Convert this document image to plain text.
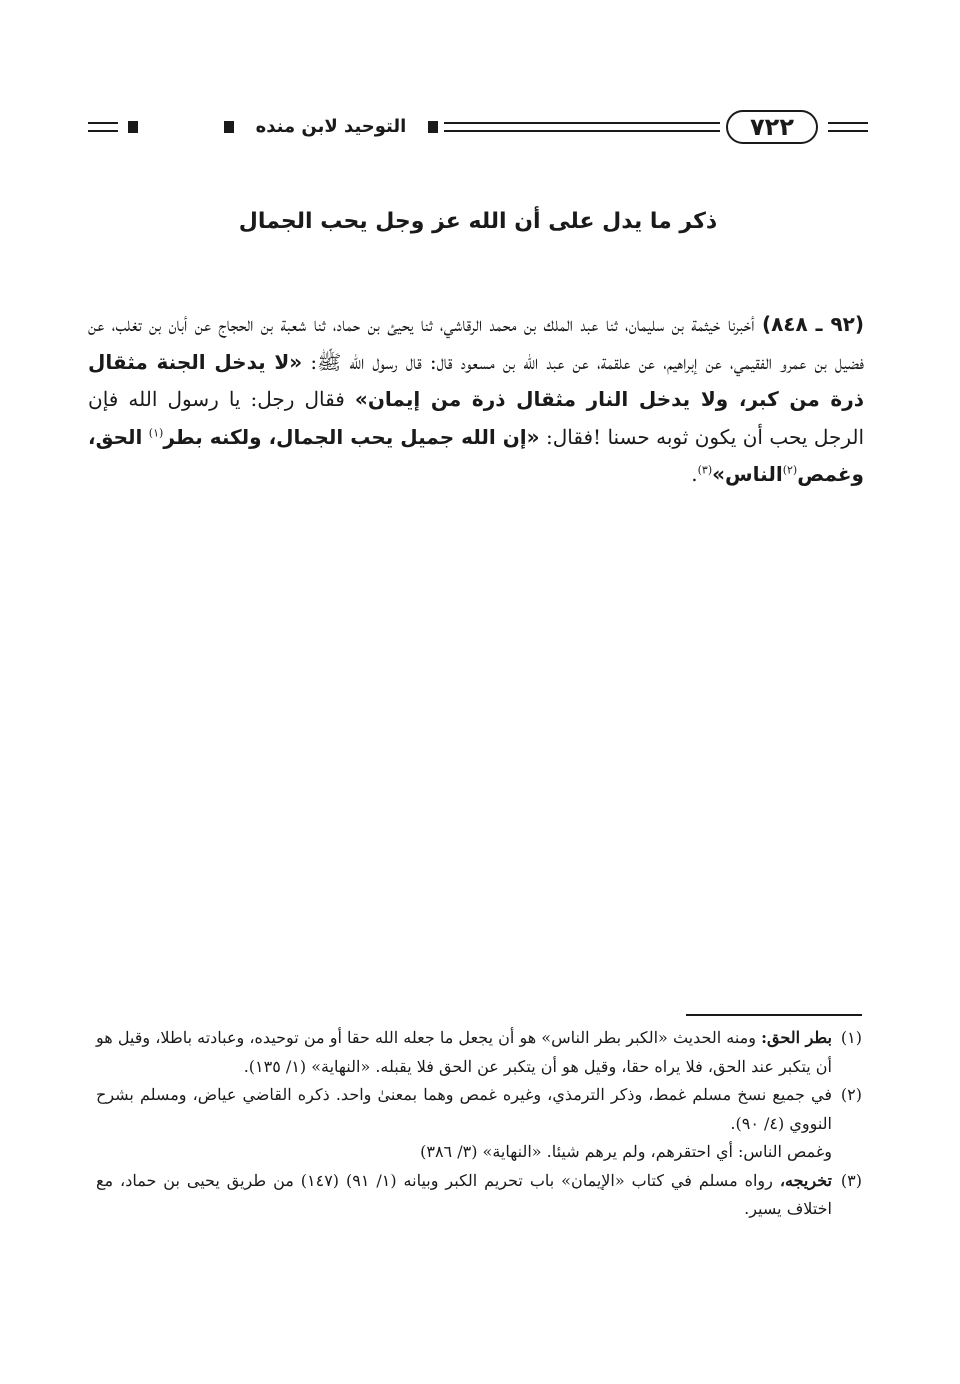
التوحيد لابن منده	٧٢٢
ذكر ما يدل على أن الله عز وجل يحب الجمال
(٩٢ ـ ٨٤٨) أخبرنا خيثمة بن سليمان، ثنا عبد الملك بن محمد الرقاشي، ثنا يحيئ بن حماد، ثنا شعبة بن الحجاج عن أبان بن تغلب، عن فضيل بن عمرو الفقيمي، عن إبراهيم، عن علقمة، عن عبد الله بن مسعود قال: قال رسول الله ﷺ: «لا يدخل الجنة مثقال ذرة من كبر، ولا يدخل النار مثقال ذرة من إيمان» فقال رجل: يا رسول الله فإن الرجل يحب أن يكون ثوبه حسنا !فقال: «إن الله جميل يحب الجمال، ولكنه بطر$^{(١)}$ الحق، وغمص$^{(٢)}$الناس»$^{(٣)}$.

(١)
بطر الحق: ومنه الحديث «الكبر بطر الناس» هو أن يجعل ما جعله الله حقا أو من توحيده، وعبادته باطلا، وقيل هو أن يتكبر عند الحق، فلا يراه حقا، وقيل هو أن يتكبر عن الحق فلا يقبله. «النهاية» (١/ ١٣٥).

(٢)
في جميع نسخ مسلم غمط، وذكر الترمذي، وغيره غمص وهما بمعنىٰ واحد. ذكره القاضي عياض، ومسلم بشرح النووي (٤/ ٩٠).

وغمص الناس: أي احتقرهم، ولم يرهم شيئا. «النهاية» (٣/ ٣٨٦)

(٣)
تخريجه، رواه مسلم في كتاب «الإيمان» باب تحريم الكبر وبيانه (١/ ٩١) (١٤٧) من طريق يحيى بن حماد، مع اختلاف يسير.
